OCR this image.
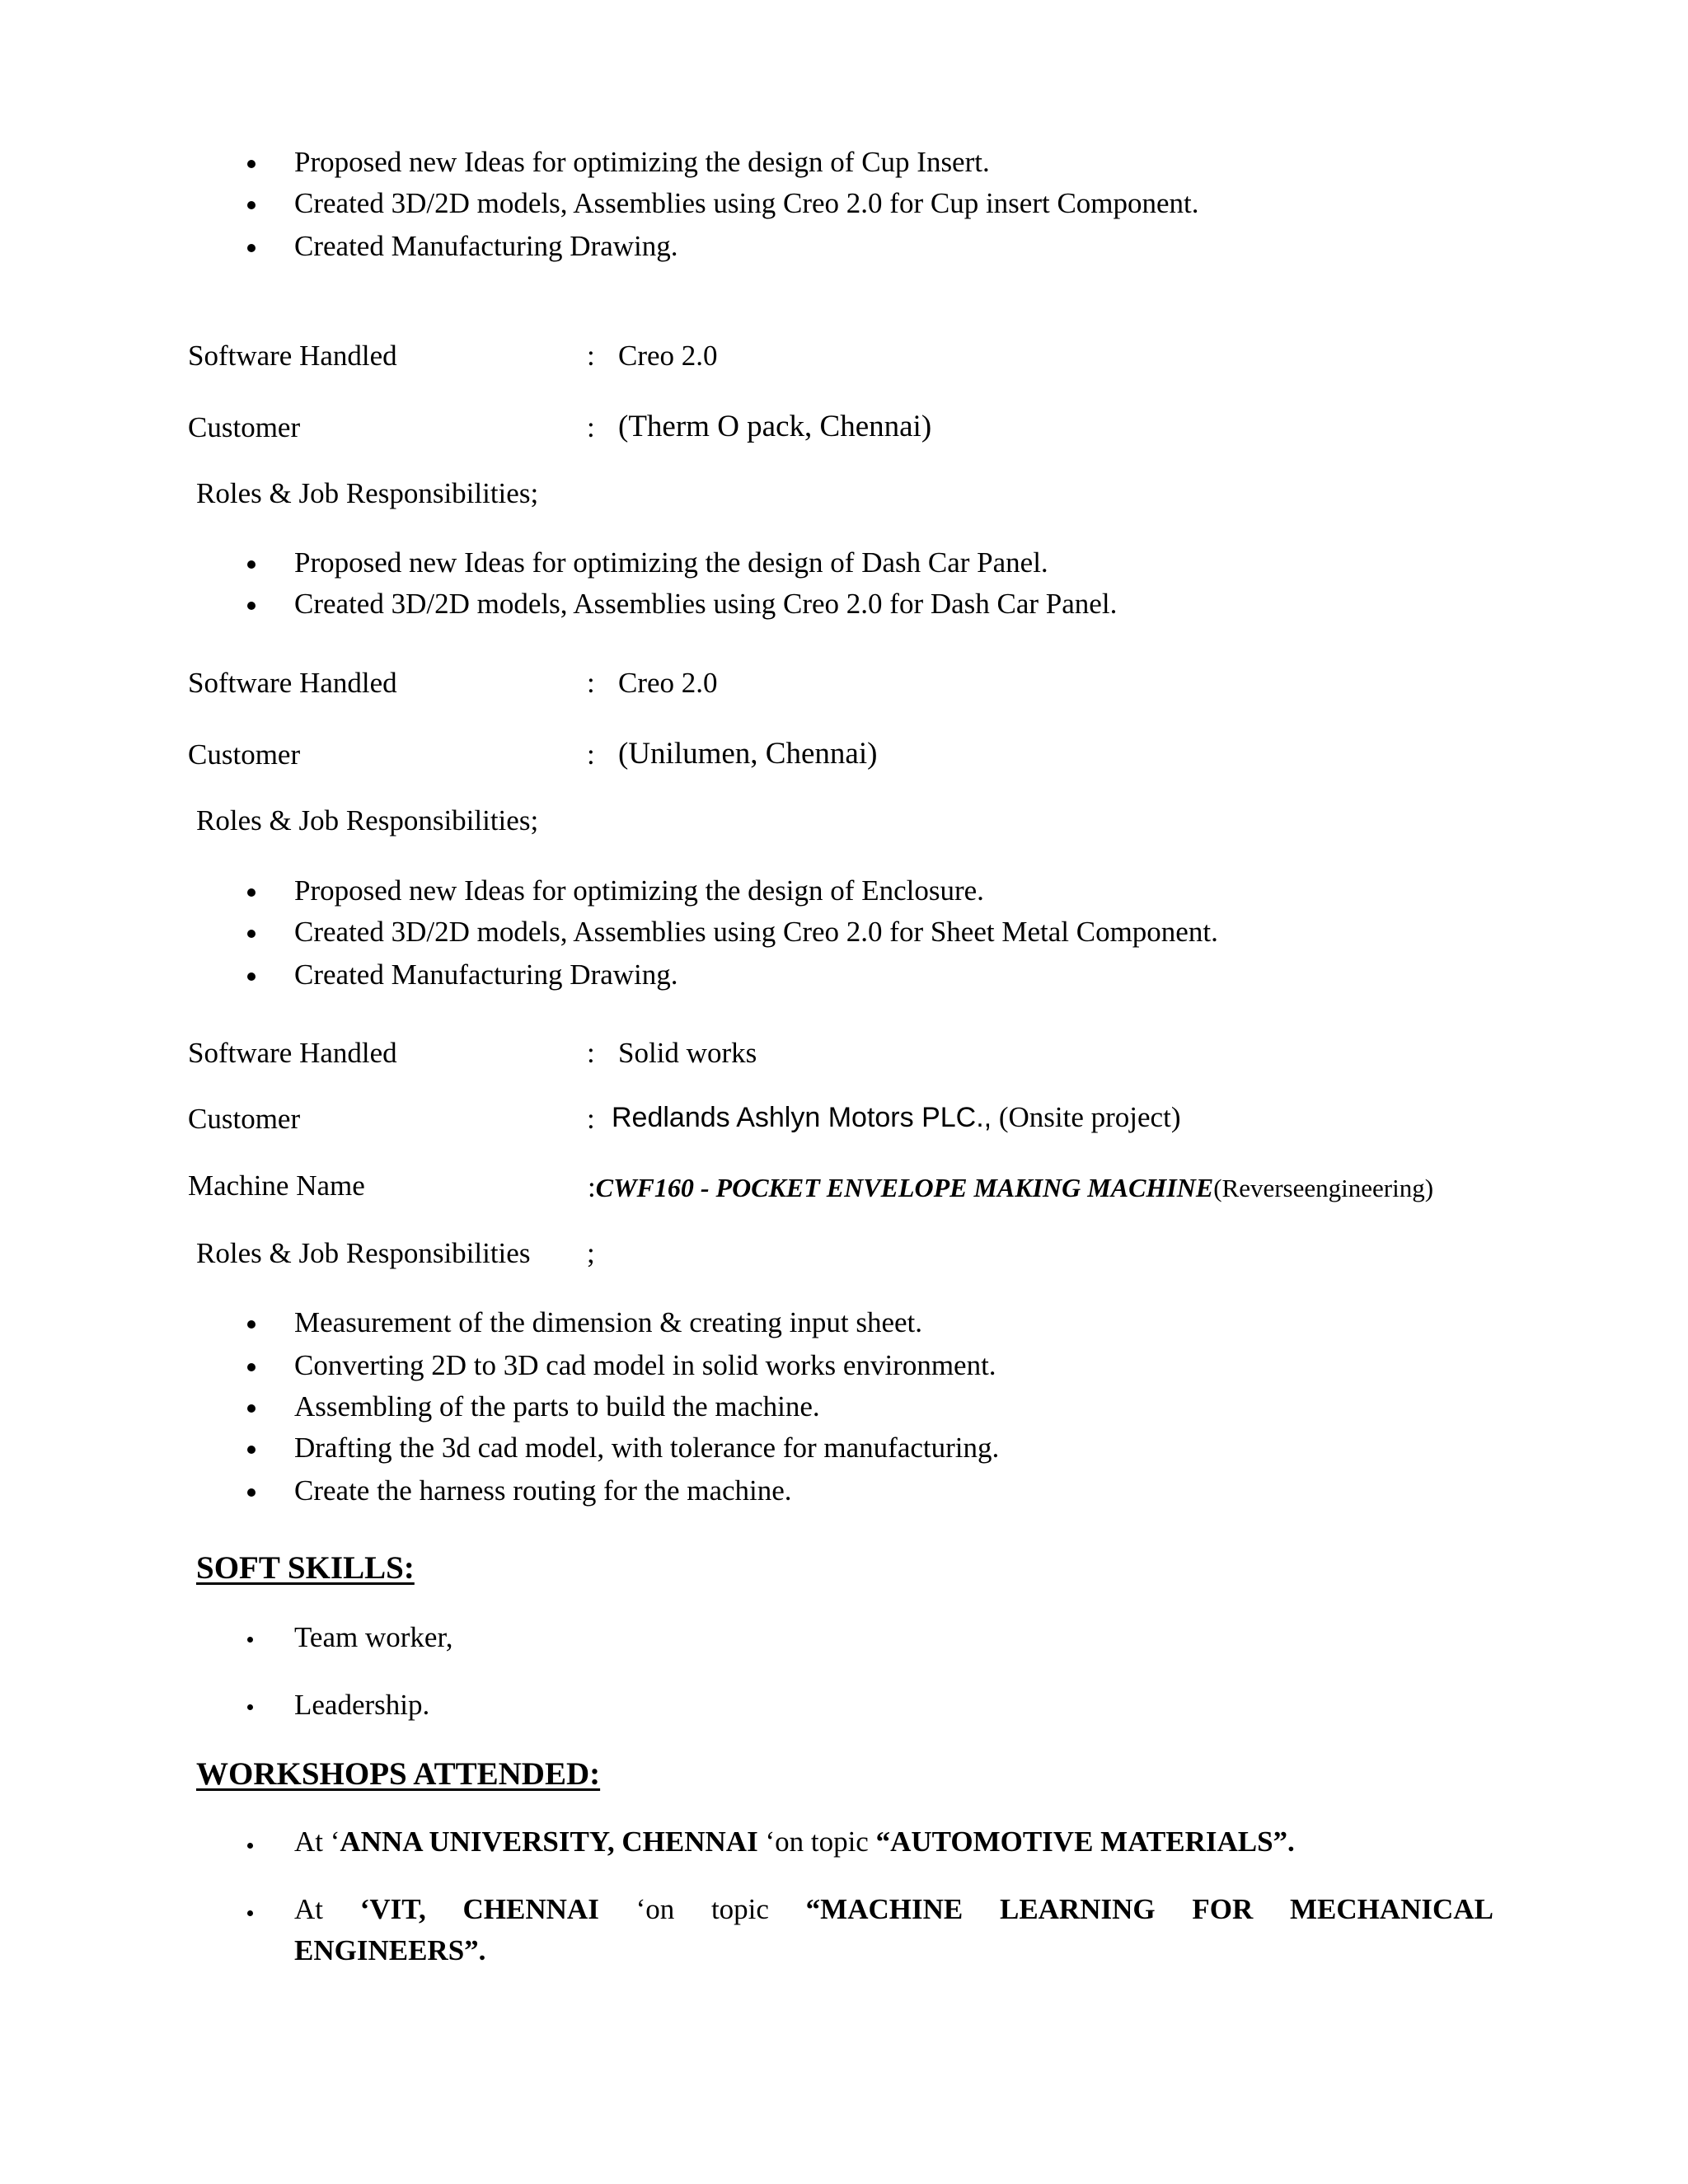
Proposed new Ideas for optimizing the design of Cup Insert.
Created 3D/2D models, Assemblies using Creo 2.0 for Cup insert Component.
Created Manufacturing Drawing.
Software Handled	: Creo 2.0
Customer	: (Therm O pack, Chennai)
Roles & Job Responsibilities;
Proposed new Ideas for optimizing the design of Dash Car Panel.
Created 3D/2D models, Assemblies using Creo 2.0 for Dash Car Panel.
Software Handled	: Creo 2.0
Customer	: (Unilumen, Chennai)
Roles & Job Responsibilities;
Proposed new Ideas for optimizing the design of Enclosure.
Created 3D/2D models, Assemblies using Creo 2.0 for Sheet Metal Component.
Created Manufacturing Drawing.
Software Handled	: Solid works
Customer	: Redlands Ashlyn Motors PLC., (Onsite project)
Machine Name	:CWF160 - POCKET ENVELOPE MAKING MACHINE(Reverseengineering)
Roles & Job Responsibilities ;
Measurement of the dimension & creating input sheet.
Converting 2D to 3D cad model in solid works environment.
Assembling of the parts to build the machine.
Drafting the 3d cad model, with tolerance for manufacturing.
Create the harness routing for the machine.
SOFT SKILLS:
Team worker,
Leadership.
WORKSHOPS ATTENDED:
At ‘ANNA UNIVERSITY, CHENNAI ‘on topic “AUTOMOTIVE MATERIALS”.
At ‘VIT, CHENNAI ‘on topic “MACHINE LEARNING FOR MECHANICAL
ENGINEERS”.
